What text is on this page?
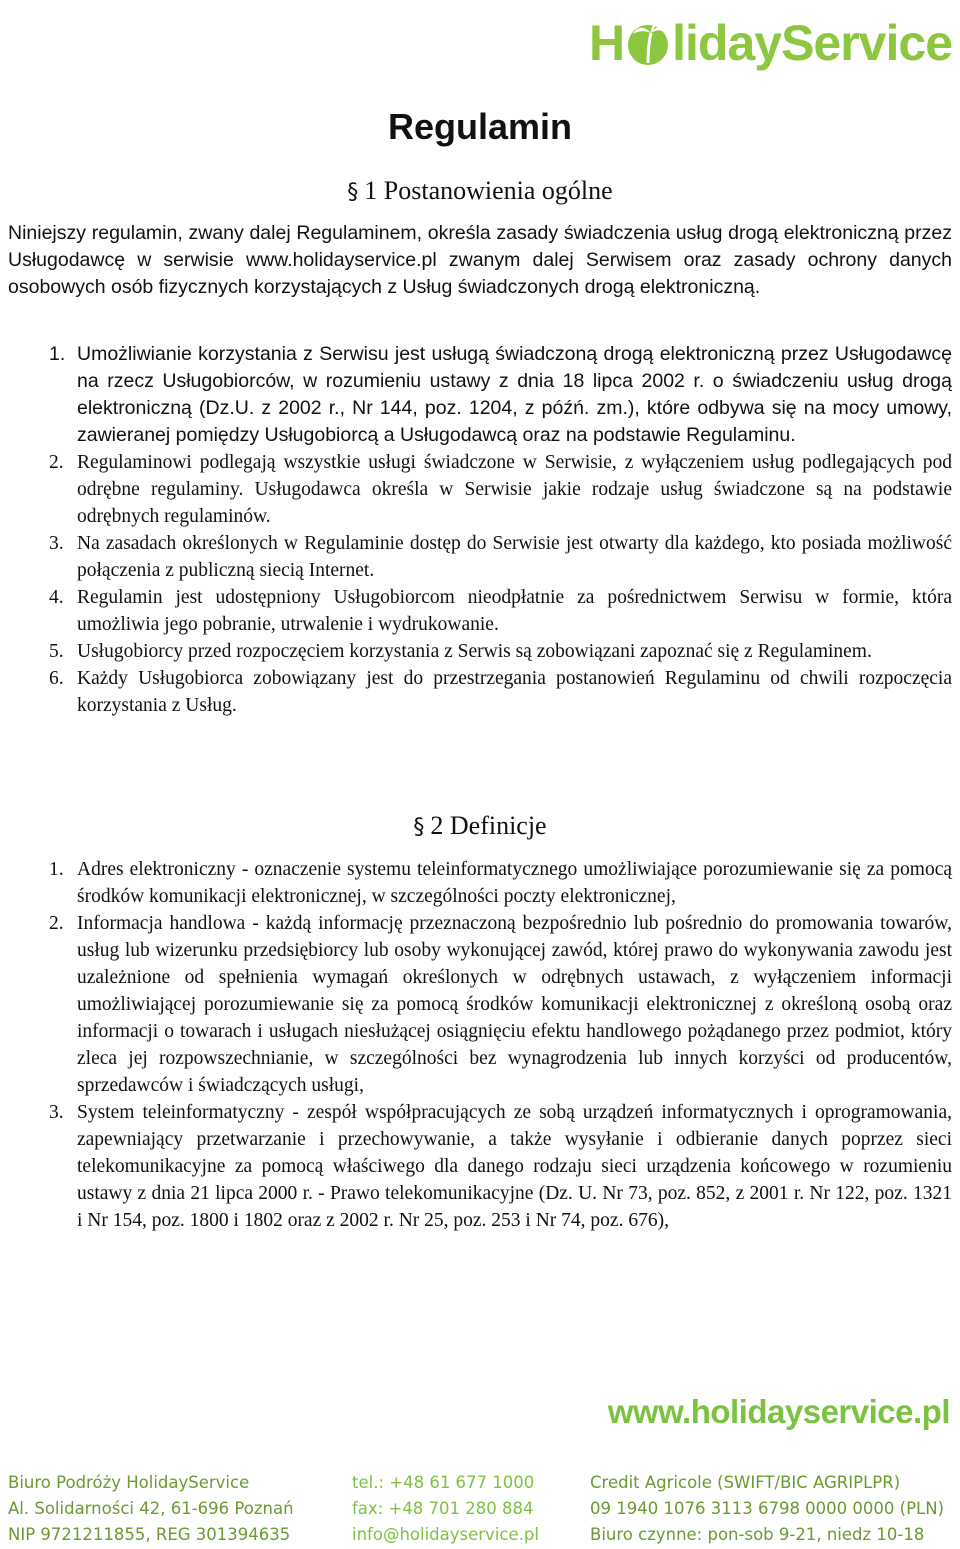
H lidayService
Regulamin
§ 1 Postanowienia ogólne

Niniejszy regulamin, zwany dalej Regulaminem, określa zasady świadczenia usług drogą elektroniczną przez Usługodawcę w serwisie www.holidayservice.pl zwanym dalej Serwisem oraz zasady ochrony danych osobowych osób fizycznych korzystających z Usług świadczonych drogą elektroniczną.

1. Umożliwianie korzystania z Serwisu jest usługą świadczoną drogą elektroniczną przez Usługodawcę na rzecz Usługobiorców, w rozumieniu ustawy z dnia 18 lipca 2002 r. o świadczeniu usług drogą elektroniczną (Dz.U. z 2002 r., Nr 144, poz. 1204, z późń. zm.), które odbywa się na mocy umowy, zawieranej pomiędzy Usługobiorcą a Usługodawcą oraz na podstawie Regulaminu.
2. Regulaminowi podlegają wszystkie usługi świadczone w Serwisie, z wyłączeniem usług podlegających pod odrębne regulaminy. Usługodawca określa w Serwisie jakie rodzaje usług świadczone są na podstawie odrębnych regulaminów.
3. Na zasadach określonych w Regulaminie dostęp do Serwisie jest otwarty dla każdego, kto posiada możliwość połączenia z publiczną siecią Internet.
4. Regulamin jest udostępniony Usługobiorcom nieodpłatnie za pośrednictwem Serwisu w formie, która umożliwia jego pobranie, utrwalenie i wydrukowanie.
5. Usługobiorcy przed rozpoczęciem korzystania z Serwis są zobowiązani zapoznać się z Regulaminem.
6. Każdy Usługobiorca zobowiązany jest do przestrzegania postanowień Regulaminu od chwili rozpoczęcia korzystania z Usług.
§ 2 Definicje
1. Adres elektroniczny - oznaczenie systemu teleinformatycznego umożliwiające porozumiewanie się za pomocą środków komunikacji elektronicznej, w szczególności poczty elektronicznej,
2. Informacja handlowa - każdą informację przeznaczoną bezpośrednio lub pośrednio do promowania towarów, usług lub wizerunku przedsiębiorcy lub osoby wykonującej zawód, której prawo do wykonywania zawodu jest uzależnione od spełnienia wymagań określonych w odrębnych ustawach, z wyłączeniem informacji umożliwiającej porozumiewanie się za pomocą środków komunikacji elektronicznej z określoną osobą oraz informacji o towarach i usługach niesłużącej osiągnięciu efektu handlowego pożądanego przez podmiot, który zleca jej rozpowszechnianie, w szczególności bez wynagrodzenia lub innych korzyści od producentów, sprzedawców i świadczących usługi,
3. System teleinformatyczny - zespół współpracujących ze sobą urządzeń informatycznych i oprogramowania, zapewniający przetwarzanie i przechowywanie, a także wysyłanie i odbieranie danych poprzez sieci telekomunikacyjne za pomocą właściwego dla danego rodzaju sieci urządzenia końcowego w rozumieniu ustawy z dnia 21 lipca 2000 r. - Prawo telekomunikacyjne (Dz. U. Nr 73, poz. 852, z 2001 r. Nr 122, poz. 1321 i Nr 154, poz. 1800 i 1802 oraz z 2002 r. Nr 25, poz. 253 i Nr 74, poz. 676),
www.holidayservice.pl
Biuro Podróży HolidayService
Al. Solidarności 42, 61-696 Poznań
NIP 9721211855, REG 301394635
tel.: +48 61 677 1000
fax: +48 701 280 884
info@holidayservice.pl
Credit Agricole (SWIFT/BIC AGRIPLPR)
09 1940 1076 3113 6798 0000 0000 (PLN)
Biuro czynne: pon-sob 9-21, niedz 10-18
